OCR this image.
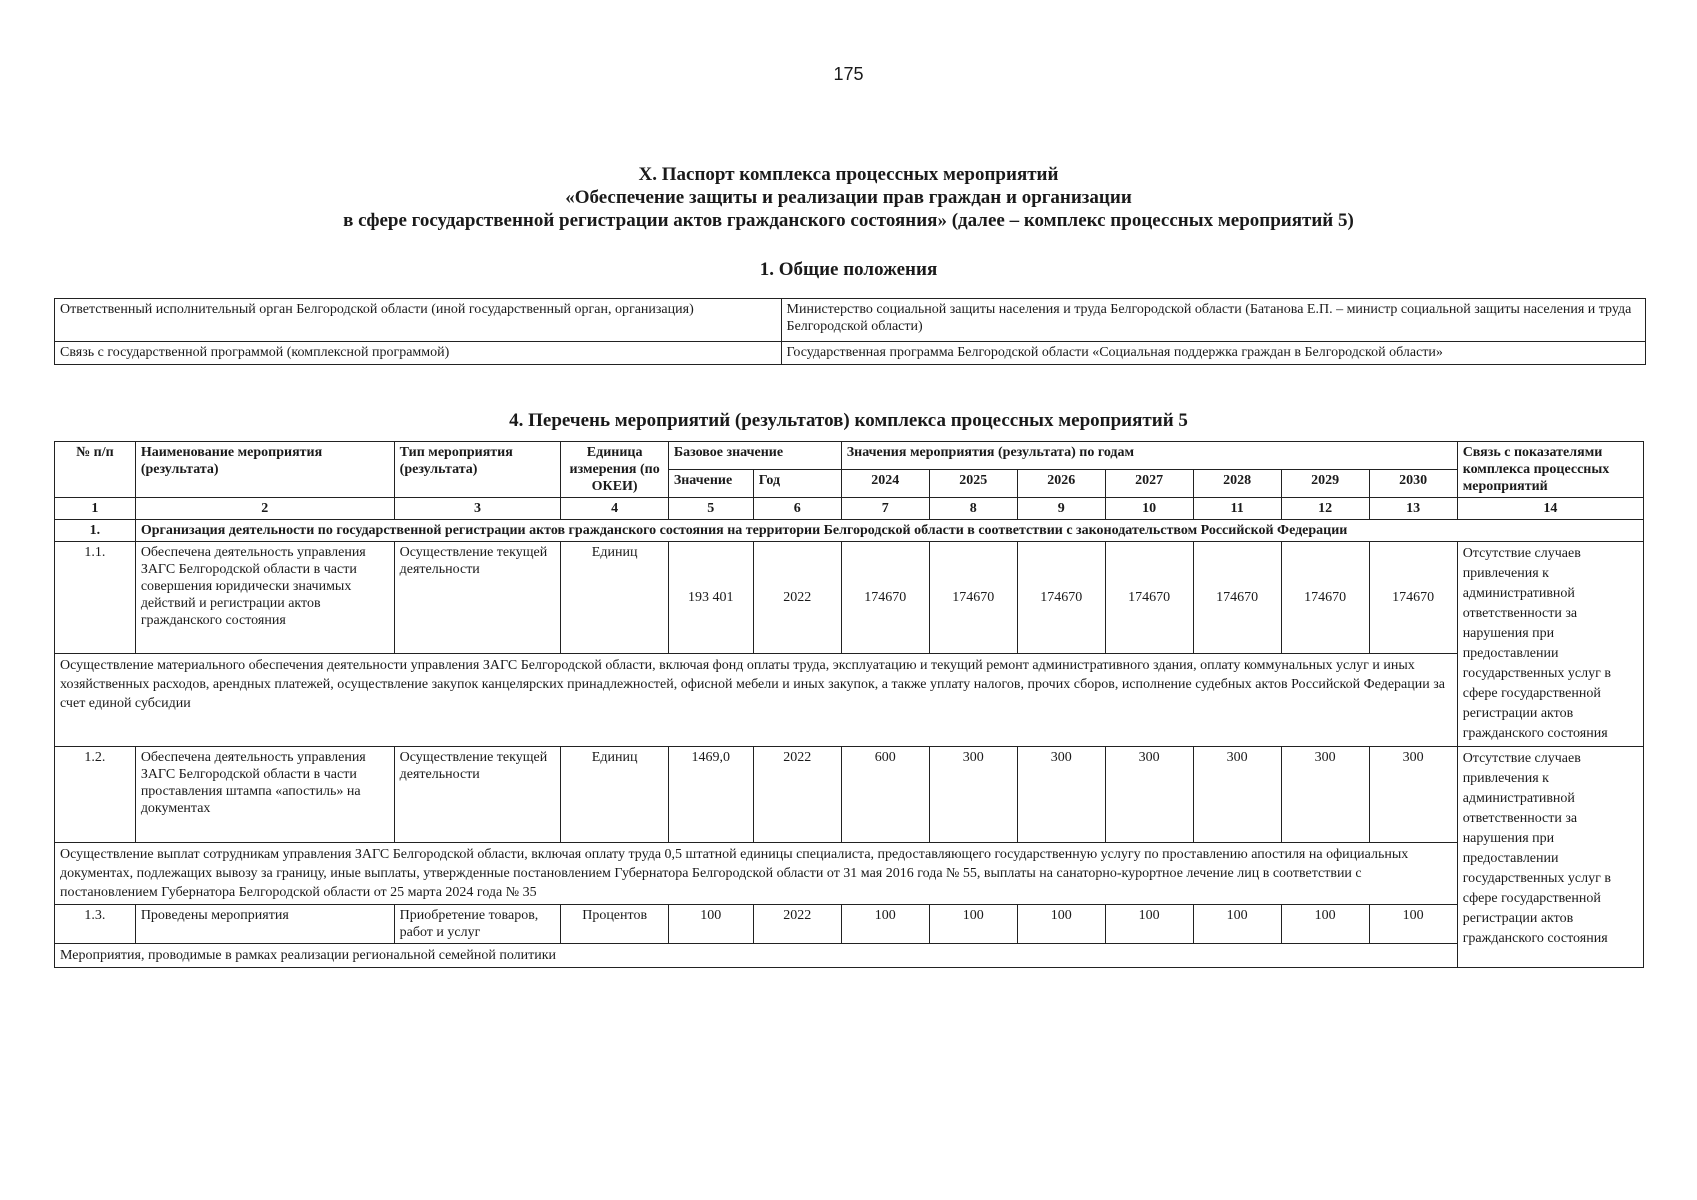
175
X. Паспорт комплекса процессных мероприятий
«Обеспечение защиты и реализации прав граждан и организации
в сфере государственной регистрации актов гражданского состояния» (далее – комплекс процессных мероприятий 5)
1. Общие положения
Ответственный исполнительный орган Белгородской области (иной государственный орган, организация)	Министерство социальной защиты населения и труда Белгородской области (Батанова Е.П. – министр социальной защиты населения и труда Белгородской области)
Связь с государственной программой (комплексной программой)	Государственная программа Белгородской области «Социальная поддержка граждан в Белгородской области»
4. Перечень мероприятий (результатов) комплекса процессных мероприятий 5
№ п/п	Наименование мероприятия (результата)	Тип мероприятия (результата)	Единица измерения (по ОКЕИ)	Базовое значение		Значения мероприятия (результата) по годам							Связь с показателями комплекса процессных мероприятий
				Значение	Год	2024	2025	2026	2027	2028	2029	2030	
1	2	3	4	5	6	7	8	9	10	11	12	13	14
1.	Организация деятельности по государственной регистрации актов гражданского состояния на территории Белгородской области в соответствии с законодательством Российской Федерации												
1.1.	Обеспечена деятельность управления ЗАГС Белгородской области в части совершения юридически значимых действий и регистрации актов гражданского состояния	Осуществление текущей деятельности	Единиц	193 401	2022	174670	174670	174670	174670	174670	174670	174670	Отсутствие случаев привлечения к административной ответственности за нарушения при предоставлении государственных услуг в сфере государственной регистрации актов гражданского состояния
Осуществление материального обеспечения деятельности управления ЗАГС Белгородской области, включая фонд оплаты труда, эксплуатацию и текущий ремонт административного здания, оплату коммунальных услуг и иных хозяйственных расходов, арендных платежей, осуществление закупок канцелярских принадлежностей, офисной мебели и иных закупок, а также уплату налогов, прочих сборов, исполнение судебных актов Российской Федерации за счет единой субсидии													
1.2.	Обеспечена деятельность управления ЗАГС Белгородской области в части проставления штампа «апостиль» на документах	Осуществление текущей деятельности	Единиц	1469,0	2022	600	300	300	300	300	300	300	Отсутствие случаев привлечения к административной ответственности за нарушения при предоставлении государственных услуг в сфере государственной регистрации актов гражданского состояния
Осуществление выплат сотрудникам управления ЗАГС Белгородской области, включая оплату труда 0,5 штатной единицы специалиста, предоставляющего государственную услугу по проставлению апостиля на официальных документах, подлежащих вывозу за границу, иные выплаты, утвержденные постановлением Губернатора Белгородской области от 31 мая 2016 года № 55, выплаты на санаторно-курортное лечение лиц в соответствии с постановлением Губернатора Белгородской области от 25 марта 2024 года № 35													
1.3.	Проведены мероприятия	Приобретение товаров, работ и услуг	Процентов	100	2022	100	100	100	100	100	100	100	
Мероприятия, проводимые в рамках реализации региональной семейной политики													
